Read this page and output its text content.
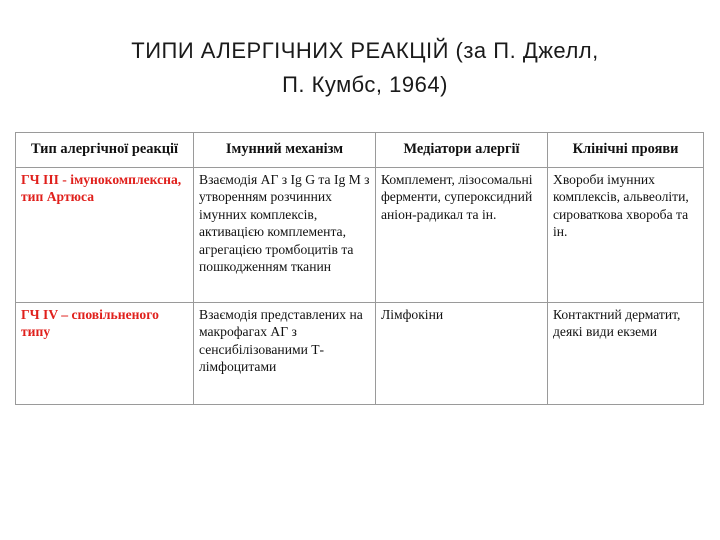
ТИПИ АЛЕРГІЧНИХ РЕАКЦІЙ (за П. Джелл,
П. Кумбс, 1964)
Тип алергічної реакції	Імунний механізм	Медіатори алергії	Клінічні прояви
ГЧ III - імунокомплексна, тип Артюса	Взаємодія АГ з Ig G та Ig M з утворенням розчинних імунних комплексів, активацією комплемента, агрегацією тромбоцитів та пошкодженням тканин	Комплемент, лізосомальні ферменти, супероксидний аніон-радикал та ін.	Хвороби імунних комплексів, альвеоліти, сироваткова хвороба та ін.
ГЧ IV – сповільненого типу	Взаємодія представлених на макрофагах АГ з сенсибілізованими Т-лімфоцитами	Лімфокіни	Контактний дерматит, деякі види екземи
